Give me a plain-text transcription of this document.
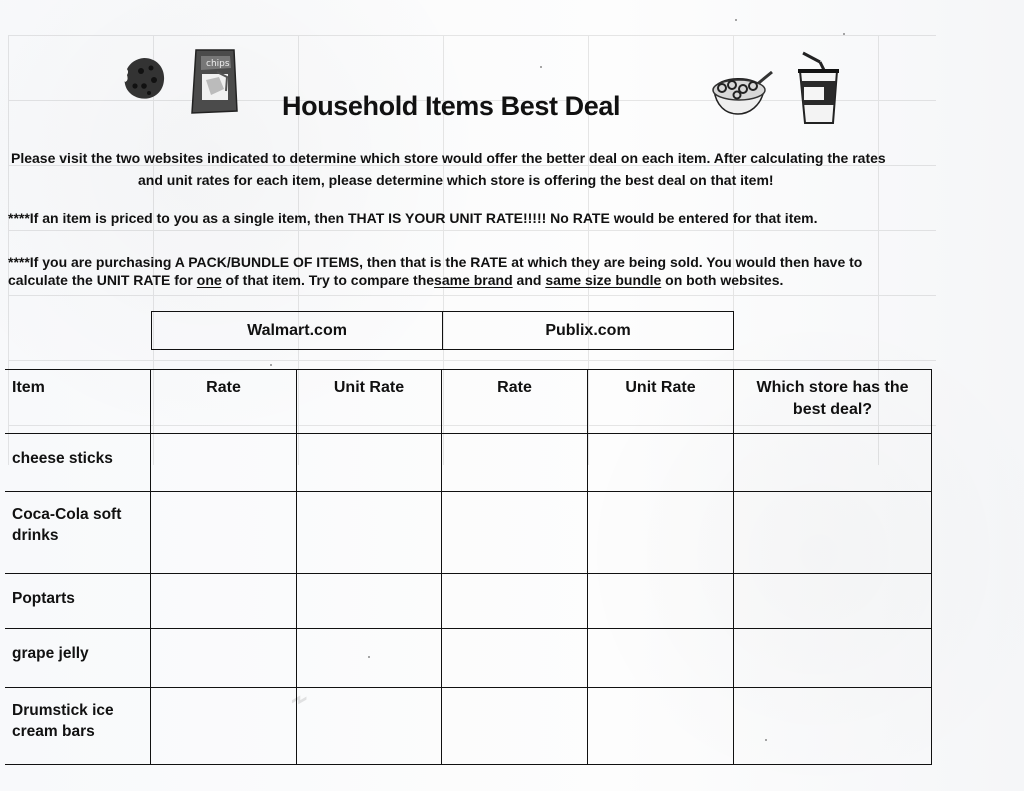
⌁
chips
Household Items Best Deal

Please visit the two websites indicated to determine which store would offer the better deal on each item. After calculating the rates

and unit rates for each item, please determine which store is offering the best deal on that item!

****If an item is priced to you as a single item, then THAT IS YOUR UNIT RATE!!!!! No RATE would be entered for that item.

****If you are purchasing A PACK/BUNDLE OF ITEMS, then that is the RATE at which they are being sold. You would then have to

calculate the UNIT RATE for one of that item. Try to compare thesame brand and same size bundle on both websites.

Walmart.com	Publix.com
Item	Rate	Unit Rate	Rate	Unit Rate	Which store has the
best deal?
cheese sticks					
Coca-Cola soft
drinks					
Poptarts					
grape jelly					
Drumstick ice
cream bars					
